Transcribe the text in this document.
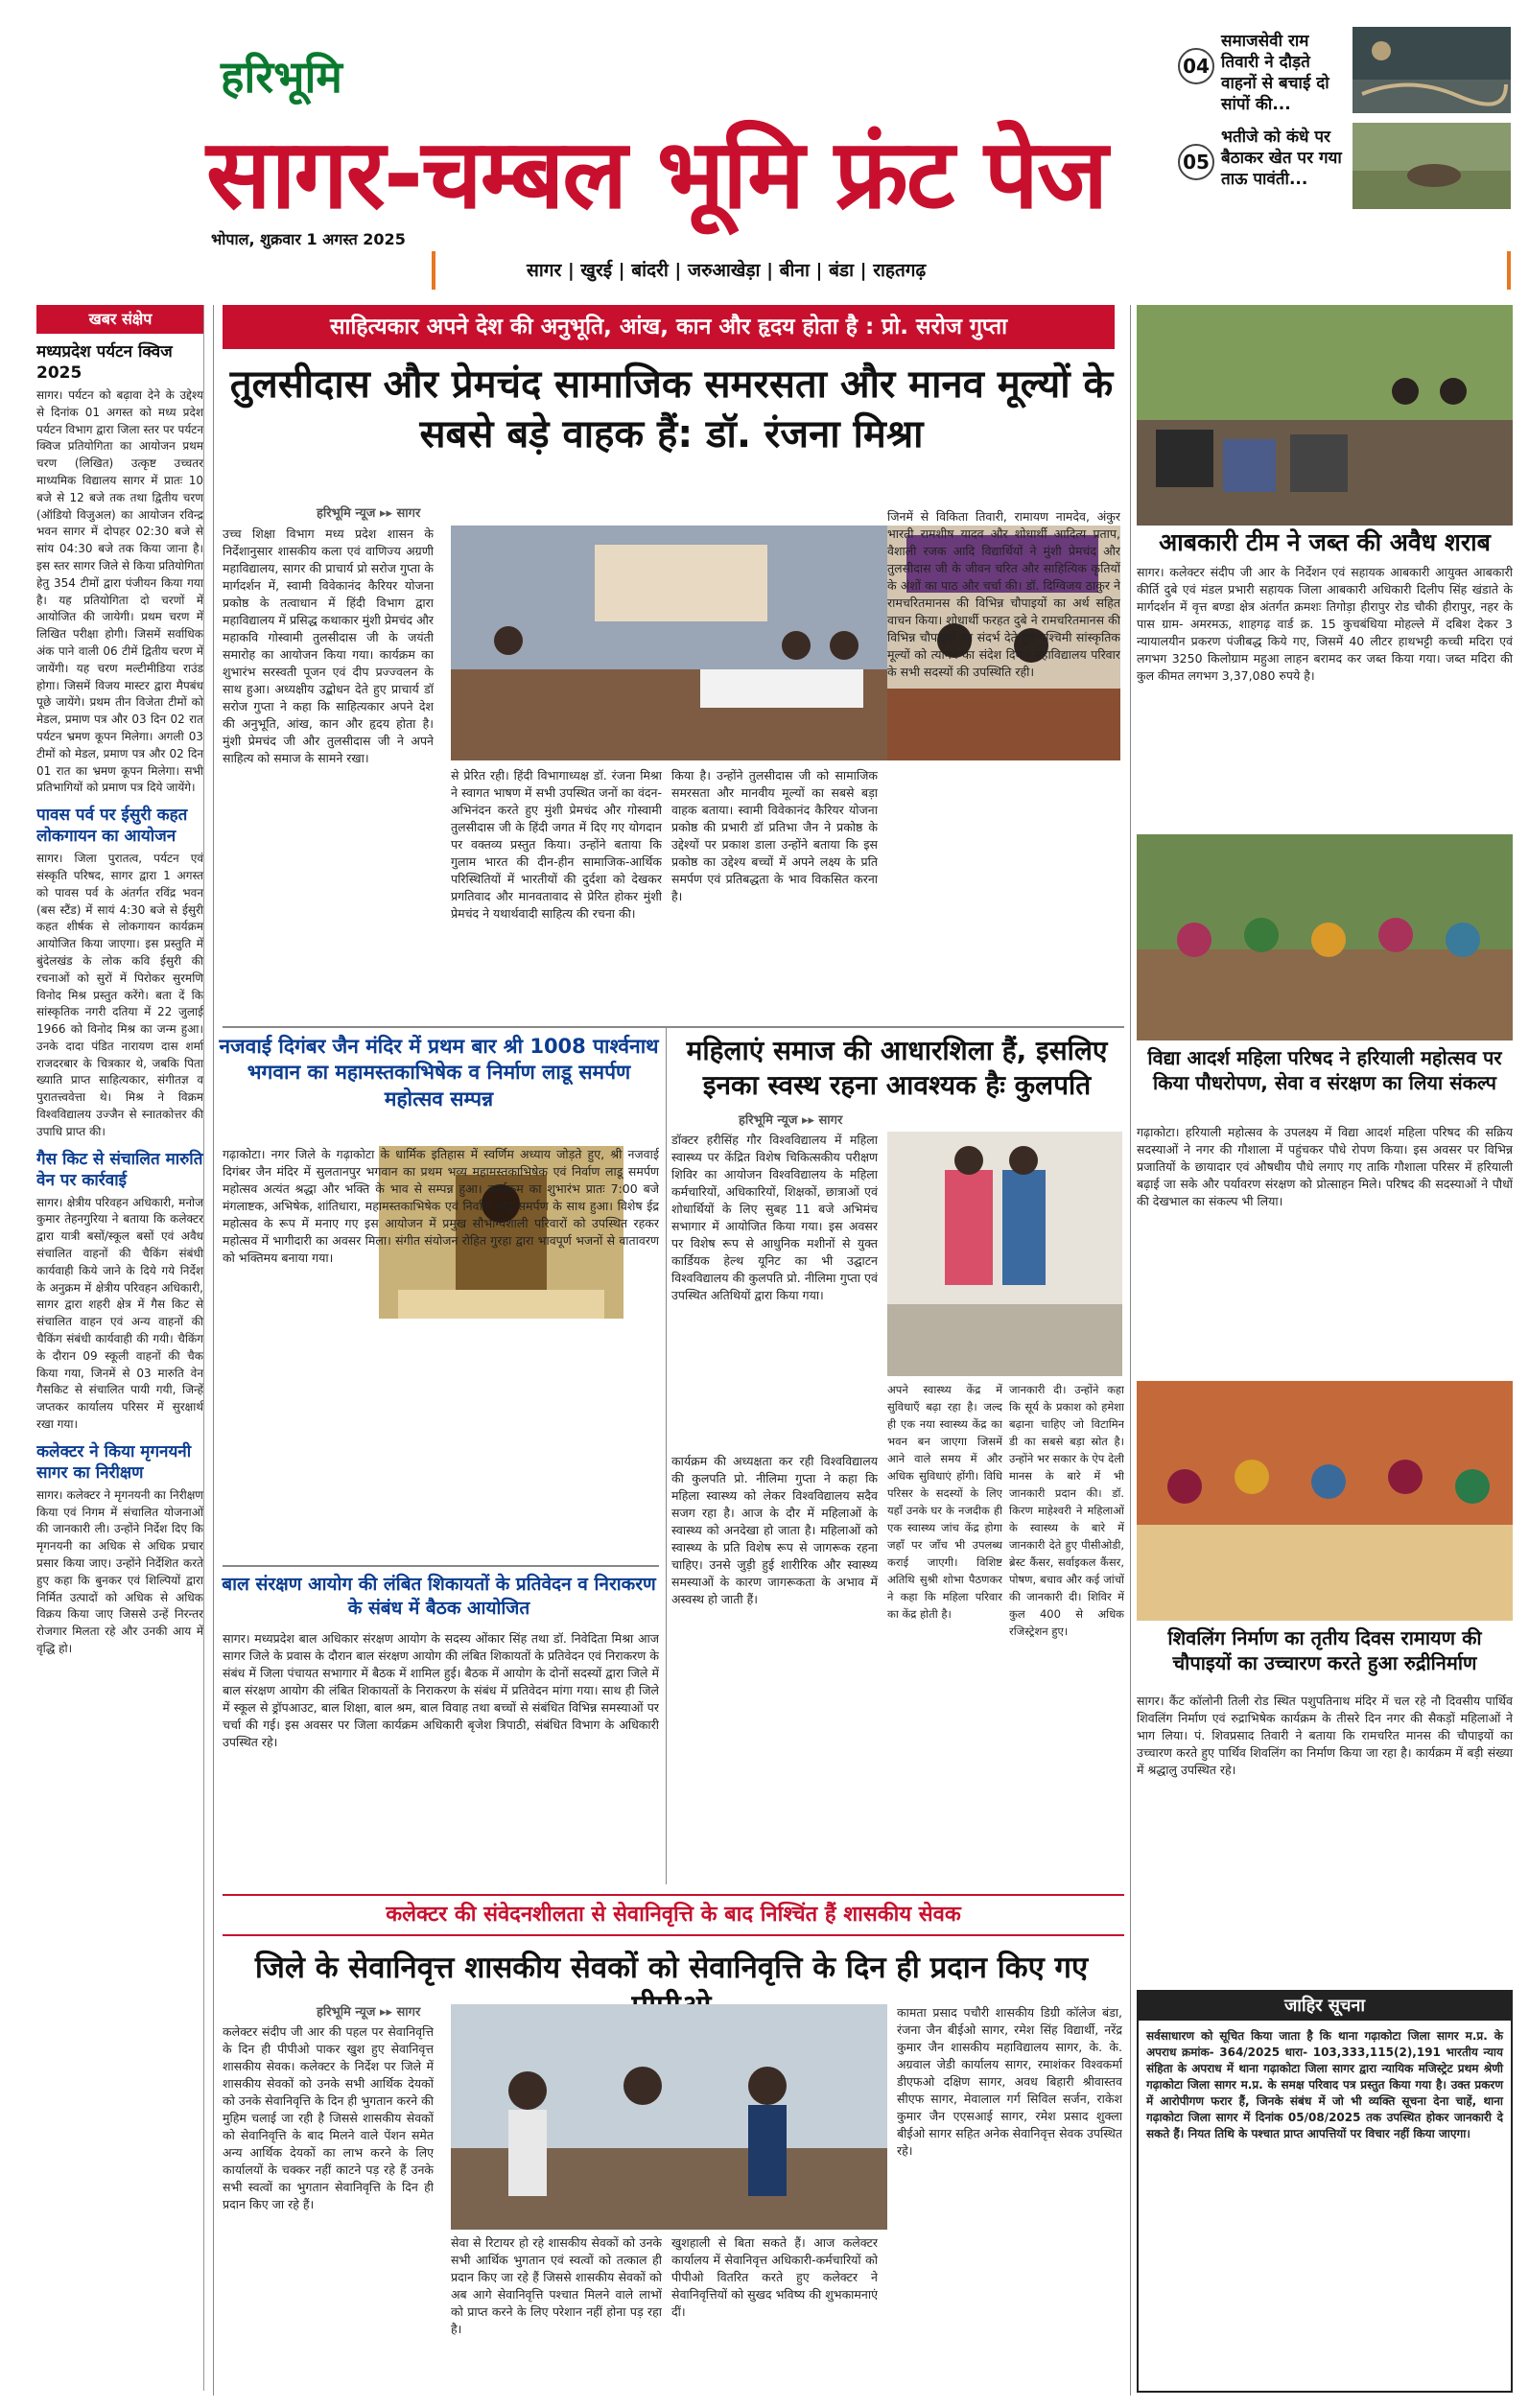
हरिभूमि
सागर-चम्बल भूमि फ्रंट पेज
भोपाल, शुक्रवार 1 अगस्त 2025
04
समाजसेवी राम तिवारी ने दौड़ते वाहनों से बचाई दो सांपों की...
05
भतीजे को कंधे पर बैठाकर खेत पर गया ताऊ पावंती...
सागर | खुरई | बांदरी | जरुआखेड़ा | बीना | बंडा | राहतगढ़
खबर संक्षेप
मध्यप्रदेश पर्यटन क्विज 2025
सागर। पर्यटन को बढ़ावा देने के उद्देश्य से दिनांक 01 अगस्त को मध्य प्रदेश पर्यटन विभाग द्वारा जिला स्तर पर पर्यटन क्विज प्रतियोगिता का आयोजन प्रथम चरण (लिखित) उत्कृष्ट उच्चतर माध्यमिक विद्यालय सागर में प्रातः 10 बजे से 12 बजे तक तथा द्वितीय चरण (ऑडियो विजुअल) का आयोजन रविन्द्र भवन सागर में दोपहर 02:30 बजे से सांय 04:30 बजे तक किया जाना है। इस स्तर सागर जिले से किया प्रतियोगिता हेतु 354 टीमों द्वारा पंजीयन किया गया है। यह प्रतियोगिता दो चरणों में आयोजित की जायेगी। प्रथम चरण में लिखित परीक्षा होगी। जिसमें सर्वाधिक अंक पाने वाली 06 टीमें द्वितीय चरण में जायेंगी। यह चरण मल्टीमीडिया राउंड होगा। जिसमें विजय मास्टर द्वारा मैपबंध पूछे जायेंगे। प्रथम तीन विजेता टीमों को मेडल, प्रमाण पत्र और 03 दिन 02 रात पर्यटन भ्रमण कूपन मिलेगा। अगली 03 टीमों को मेडल, प्रमाण पत्र और 02 दिन 01 रात का भ्रमण कूपन मिलेगा। सभी प्रतिभागियों को प्रमाण पत्र दिये जायेंगे।
पावस पर्व पर ईसुरी कहत लोकगायन का आयोजन
सागर। जिला पुरातत्व, पर्यटन एवं संस्कृति परिषद, सागर द्वारा 1 अगस्त को पावस पर्व के अंतर्गत रविंद्र भवन (बस स्टैंड) में सायं 4:30 बजे से ईसुरी कहत शीर्षक से लोकगायन कार्यक्रम आयोजित किया जाएगा। इस प्रस्तुति में बुंदेलखंड के लोक कवि ईसुरी की रचनाओं को सुरों में पिरोकर सुरमणि विनोद मिश्र प्रस्तुत करेंगे। बता दें कि सांस्कृतिक नगरी दतिया में 22 जुलाई 1966 को विनोद मिश्र का जन्म हुआ। उनके दादा पंडित नारायण दास शर्मा राजदरबार के चित्रकार थे, जबकि पिता ख्याति प्राप्त साहित्यकार, संगीतज्ञ व पुरातत्त्ववेत्ता थे। मिश्र ने विक्रम विश्वविद्यालय उज्जैन से स्नातकोत्तर की उपाधि प्राप्त की।
गैस किट से संचालित मारुति वेन पर कार्रवाई
सागर। क्षेत्रीय परिवहन अधिकारी, मनोज कुमार तेहनगुरिया ने बताया कि कलेक्टर द्वारा यात्री बसों/स्कूल बसों एवं अवैध संचालित वाहनों की चैकिंग संबंधी कार्यवाही किये जाने के दिये गये निर्देश के अनुक्रम में क्षेत्रीय परिवहन अधिकारी, सागर द्वारा शहरी क्षेत्र में गैस किट से संचालित वाहन एवं अन्य वाहनों की चैकिंग संबंधी कार्यवाही की गयी। चैकिंग के दौरान 09 स्कूली वाहनों की चैक किया गया, जिनमें से 03 मारुति वेन गैसकिट से संचालित पायी गयी, जिन्हें जप्तकर कार्यालय परिसर में सुरक्षार्थ रखा गया।
कलेक्टर ने किया मृगनयनी सागर का निरीक्षण
सागर। कलेक्टर ने मृगनयनी का निरीक्षण किया एवं निगम में संचालित योजनाओं की जानकारी ली। उन्होंने निर्देश दिए कि मृगनयनी का अधिक से अधिक प्रचार प्रसार किया जाए। उन्होंने निर्देशित करते हुए कहा कि बुनकर एवं शिल्पियों द्वारा निर्मित उत्पादों को अधिक से अधिक विक्रय किया जाए जिससे उन्हें निरन्तर रोजगार मिलता रहे और उनकी आय में वृद्धि हो।
साहित्यकार अपने देश की अनुभूति, आंख, कान और हृदय होता है : प्रो. सरोज गुप्ता
तुलसीदास और प्रेमचंद सामाजिक समरसता और मानव मूल्यों के सबसे बड़े वाहक हैं: डॉ. रंजना मिश्रा
हरिभूमि न्यूज ▸▸ सागर
उच्च शिक्षा विभाग मध्य प्रदेश शासन के निर्देशानुसार शासकीय कला एवं वाणिज्य अग्रणी महाविद्यालय, सागर की प्राचार्य प्रो सरोज गुप्ता के मार्गदर्शन में, स्वामी विवेकानंद कैरियर योजना प्रकोष्ठ के तत्वाधान में हिंदी विभाग द्वारा महाविद्यालय में प्रसिद्ध कथाकार मुंशी प्रेमचंद और महाकवि गोस्वामी तुलसीदास जी के जयंती समारोह का आयोजन किया गया। कार्यक्रम का शुभारंभ सरस्वती पूजन एवं दीप प्रज्ज्वलन के साथ हुआ। अध्यक्षीय उद्बोधन देते हुए प्राचार्य डॉ सरोज गुप्ता ने कहा कि साहित्यकार अपने देश की अनुभूति, आंख, कान और हृदय होता है। मुंशी प्रेमचंद जी और तुलसीदास जी ने अपने साहित्य को समाज के सामने रखा।
से प्रेरित रही। हिंदी विभागाध्यक्ष डॉ. रंजना मिश्रा ने स्वागत भाषण में सभी उपस्थित जनों का वंदन-अभिनंदन करते हुए मुंशी प्रेमचंद और गोस्वामी तुलसीदास जी के हिंदी जगत में दिए गए योगदान पर वक्तव्य प्रस्तुत किया। उन्होंने बताया कि गुलाम भारत की दीन-हीन सामाजिक-आर्थिक परिस्थितियों में भारतीयों की दुर्दशा को देखकर प्रगतिवाद और मानवतावाद से प्रेरित होकर मुंशी प्रेमचंद ने यथार्थवादी साहित्य की रचना की।
किया है। उन्होंने तुलसीदास जी को सामाजिक समरसता और मानवीय मूल्यों का सबसे बड़ा वाहक बताया। स्वामी विवेकानंद कैरियर योजना प्रकोष्ठ की प्रभारी डॉ प्रतिभा जैन ने प्रकोष्ठ के उद्देश्यों पर प्रकाश डाला उन्होंने बताया कि इस प्रकोष्ठ का उद्देश्य बच्चों में अपने लक्ष्य के प्रति समर्पण एवं प्रतिबद्धता के भाव विकसित करना है।
जिनमें से विकिता तिवारी, रामायण नामदेव, अंकुर भारती रामशीष यादव और शोधार्थी आदित्य प्रताप, वैशाली रजक आदि विद्यार्थियों ने मुंशी प्रेमचंद और तुलसीदास जी के जीवन चरित और साहित्यिक कृतियों के अंशों का पाठ और चर्चा की। डॉ. दिग्विजय ठाकुर ने रामचरितमानस की विभिन्न चौपाइयों का अर्थ सहित वाचन किया। शोधार्थी फरहत दुबे ने रामचरितमानस की विभिन्न चौपाइयों का संदर्भ देते हुए पश्चिमी सांस्कृतिक मूल्यों को त्यागने का संदेश दिया। महाविद्यालय परिवार के सभी सदस्यों की उपस्थिति रही।
नजवाई दिगंबर जैन मंदिर में प्रथम बार श्री 1008 पार्श्वनाथ भगवान का महामस्तकाभिषेक व निर्माण लाडू समर्पण महोत्सव सम्पन्न
गढ़ाकोटा। नगर जिले के गढ़ाकोटा के धार्मिक इतिहास में स्वर्णिम अध्याय जोड़ते हुए, श्री नजवाई दिगंबर जैन मंदिर में सुलतानपुर भगवान का प्रथम भव्य महामस्तकाभिषेक एवं निर्वाण लाडू समर्पण महोत्सव अत्यंत श्रद्धा और भक्ति के भाव से सम्पन्न हुआ। कार्यक्रम का शुभारंभ प्रातः 7:00 बजे मंगलाष्टक, अभिषेक, शांतिधारा, महामस्तकाभिषेक एवं निर्वाण लाडू समर्पण के साथ हुआ। विशेष ईद्र महोत्सव के रूप में मनाए गए इस आयोजन में प्रमुख सौभाग्यशाली परिवारों को उपस्थित रहकर महोत्सव में भागीदारी का अवसर मिला। संगीत संयोजन रोहित गुरहा द्वारा भावपूर्ण भजनों से वातावरण को भक्तिमय बनाया गया।
बाल संरक्षण आयोग की लंबित शिकायतों के प्रतिवेदन व निराकरण के संबंध में बैठक आयोजित
सागर। मध्यप्रदेश बाल अधिकार संरक्षण आयोग के सदस्य ओंकार सिंह तथा डॉ. निवेदिता मिश्रा आज सागर जिले के प्रवास के दौरान बाल संरक्षण आयोग की लंबित शिकायतों के प्रतिवेदन एवं निराकरण के संबंध में जिला पंचायत सभागार में बैठक में शामिल हुई। बैठक में आयोग के दोनों सदस्यों द्वारा जिले में बाल संरक्षण आयोग की लंबित शिकायतों के निराकरण के संबंध में प्रतिवेदन मांगा गया। साथ ही जिले में स्कूल से ड्रॉपआउट, बाल शिक्षा, बाल श्रम, बाल विवाह तथा बच्चों से संबंधित विभिन्न समस्याओं पर चर्चा की गई। इस अवसर पर जिला कार्यक्रम अधिकारी बृजेश त्रिपाठी, संबंधित विभाग के अधिकारी उपस्थित रहे।
महिलाएं समाज की आधारशिला हैं, इसलिए इनका स्वस्थ रहना आवश्यक हैः कुलपति
हरिभूमि न्यूज ▸▸ सागर
डॉक्टर हरीसिंह गौर विश्वविद्यालय में महिला स्वास्थ्य पर केंद्रित विशेष चिकित्सकीय परीक्षण शिविर का आयोजन विश्वविद्यालय के महिला कर्मचारियों, अधिकारियों, शिक्षकों, छात्राओं एवं शोधार्थियों के लिए सुबह 11 बजे अभिमंच सभागार में आयोजित किया गया। इस अवसर पर विशेष रूप से आधुनिक मशीनों से युक्त कार्डियक हेल्थ यूनिट का भी उद्घाटन विश्वविद्यालय की कुलपति प्रो. नीलिमा गुप्ता एवं उपस्थित अतिथियों द्वारा किया गया।
कार्यक्रम की अध्यक्षता कर रही विश्वविद्यालय की कुलपति प्रो. नीलिमा गुप्ता ने कहा कि महिला स्वास्थ्य को लेकर विश्वविद्यालय सदैव सजग रहा है। आज के दौर में महिलाओं के स्वास्थ्य को अनदेखा हो जाता है। महिलाओं को स्वास्थ्य के प्रति विशेष रूप से जागरूक रहना चाहिए। उनसे जुड़ी हुई शारीरिक और स्वास्थ्य समस्याओं के कारण जागरूकता के अभाव में अस्वस्थ हो जाती हैं।
अपने स्वास्थ्य केंद्र में सुविधाएँ बढ़ा रहा है। जल्द ही एक नया स्वास्थ्य केंद्र का भवन बन जाएगा जिसमें आने वाले समय में और अधिक सुविधाएं होंगी। विधि परिसर के सदस्यों के लिए यहाँ उनके घर के नजदीक ही एक स्वास्थ्य जांच केंद्र होगा जहाँ पर जाँच भी उपलब्ध कराई जाएगी। विशिष्ट अतिथि सुश्री शोभा पैठणकर ने कहा कि महिला परिवार का केंद्र होती है।
जानकारी दी। उन्होंने कहा कि सूर्य के प्रकाश को हमेशा बढ़ाना चाहिए जो विटामिन डी का सबसे बड़ा स्रोत है। उन्होंने भर सकार के ऐप देली मानस के बारे में भी जानकारी प्रदान की। डॉ. किरण माहेश्वरी ने महिलाओं के स्वास्थ्य के बारे में जानकारी देते हुए पीसीओडी, ब्रेस्ट कैंसर, सर्वाइकल कैंसर, पोषण, बचाव और कई जांचों की जानकारी दी। शिविर में कुल 400 से अधिक रजिस्ट्रेशन हुए।
कलेक्टर की संवेदनशीलता से सेवानिवृत्ति के बाद निश्चिंत हैं शासकीय सेवक
जिले के सेवानिवृत्त शासकीय सेवकों को सेवानिवृत्ति के दिन ही प्रदान किए गए
हरिभूमि न्यूज ▸▸ सागर
कलेक्टर संदीप जी आर की पहल पर सेवानिवृत्ति के दिन ही पीपीओ पाकर खुश हुए सेवानिवृत्त शासकीय सेवक। कलेक्टर के निर्देश पर जिले में शासकीय सेवकों को उनके सभी आर्थिक देयकों को उनके सेवानिवृत्ति के दिन ही भुगतान करने की मुहिम चलाई जा रही है जिससे शासकीय सेवकों को सेवानिवृत्ति के बाद मिलने वाले पेंशन समेत अन्य आर्थिक देयकों का लाभ करने के लिए कार्यालयों के चक्कर नहीं काटने पड़ रहे हैं उनके सभी स्वत्वों का भुगतान सेवानिवृत्ति के दिन ही प्रदान किए जा रहे हैं।
सेवा से रिटायर हो रहे शासकीय सेवकों को उनके सभी आर्थिक भुगतान एवं स्वत्वों को तत्काल ही प्रदान किए जा रहे हैं जिससे शासकीय सेवकों को अब आगे सेवानिवृत्ति पश्चात मिलने वाले लाभों को प्राप्त करने के लिए परेशान नहीं होना पड़ रहा है।
खुशहाली से बिता सकते हैं। आज कलेक्टर कार्यालय में सेवानिवृत्त अधिकारी-कर्मचारियों को पीपीओ वितरित करते हुए कलेक्टर ने सेवानिवृत्तियों को सुखद भविष्य की शुभकामनाएं दीं।
कामता प्रसाद पचौरी शासकीय डिग्री कॉलेज बंडा, रंजना जैन बीईओ सागर, रमेश सिंह विद्यार्थी, नरेंद्र कुमार जैन शासकीय महाविद्यालय सागर, के. के. अग्रवाल जेडी कार्यालय सागर, रमाशंकर विश्वकर्मा डीएफओ दक्षिण सागर, अवध बिहारी श्रीवास्तव सीएफ सागर, मेवालाल गर्ग सिविल सर्जन, राकेश कुमार जैन एएसआई सागर, रमेश प्रसाद शुक्ला बीईओ सागर सहित अनेक सेवानिवृत्त सेवक उपस्थित रहे।
आबकारी टीम ने जब्त की अवैध शराब
सागर। कलेक्टर संदीप जी आर के निर्देशन एवं सहायक आबकारी आयुक्त आबकारी कीर्ति दुबे एवं मंडल प्रभारी सहायक जिला आबकारी अधिकारी दिलीप सिंह खंडाते के मार्गदर्शन में वृत्त बण्डा क्षेत्र अंतर्गत क्रमशः तिगोड़ा हीरापुर रोड चौकी हीरापुर, नहर के पास ग्राम- अमरमऊ, शाहगढ़ वार्ड क्र. 15 कुचबंधिया मोहल्ले में दबिश देकर 3 न्यायालयीन प्रकरण पंजीबद्ध किये गए, जिसमें 40 लीटर हाथभट्टी कच्ची मदिरा एवं लगभग 3250 किलोग्राम महुआ लाहन बरामद कर जब्त किया गया। जब्त मदिरा की कुल कीमत लगभग 3,37,080 रुपये है।
विद्या आदर्श महिला परिषद ने हरियाली महोत्सव पर किया पौधरोपण, सेवा व संरक्षण का लिया संकल्प
गढ़ाकोटा। हरियाली महोत्सव के उपलक्ष्य में विद्या आदर्श महिला परिषद की सक्रिय सदस्याओं ने नगर की गौशाला में पहुंचकर पौधे रोपण किया। इस अवसर पर विभिन्न प्रजातियों के छायादार एवं औषधीय पौधे लगाए गए ताकि गौशाला परिसर में हरियाली बढ़ाई जा सके और पर्यावरण संरक्षण को प्रोत्साहन मिले। परिषद की सदस्याओं ने पौधों की देखभाल का संकल्प भी लिया।
शिवलिंग निर्माण का तृतीय दिवस रामायण की चौपाइयों का उच्चारण करते हुआ रुद्रीनिर्माण
सागर। कैंट कॉलोनी तिली रोड स्थित पशुपतिनाथ मंदिर में चल रहे नौ दिवसीय पार्थिव शिवलिंग निर्माण एवं रुद्राभिषेक कार्यक्रम के तीसरे दिन नगर की सैकड़ों महिलाओं ने भाग लिया। पं. शिवप्रसाद तिवारी ने बताया कि रामचरित मानस की चौपाइयों का उच्चारण करते हुए पार्थिव शिवलिंग का निर्माण किया जा रहा है। कार्यक्रम में बड़ी संख्या में श्रद्धालु उपस्थित रहे।
जाहिर सूचना
सर्वसाधारण को सूचित किया जाता है कि थाना गढ़ाकोटा जिला सागर म.प्र. के अपराध क्रमांक- 364/2025 धारा- 103,333,115(2),191 भारतीय न्याय संहिता के अपराध में थाना गढ़ाकोटा जिला सागर द्वारा न्यायिक मजिस्ट्रेट प्रथम श्रेणी गढ़ाकोटा जिला सागर म.प्र. के समक्ष परिवाद पत्र प्रस्तुत किया गया है। उक्त प्रकरण में आरोपीगण फरार हैं, जिनके संबंध में जो भी व्यक्ति सूचना देना चाहें, थाना गढ़ाकोटा जिला सागर में दिनांक 05/08/2025 तक उपस्थित होकर जानकारी दे सकते हैं। नियत तिथि के पश्चात प्राप्त आपत्तियों पर विचार नहीं किया जाएगा।
